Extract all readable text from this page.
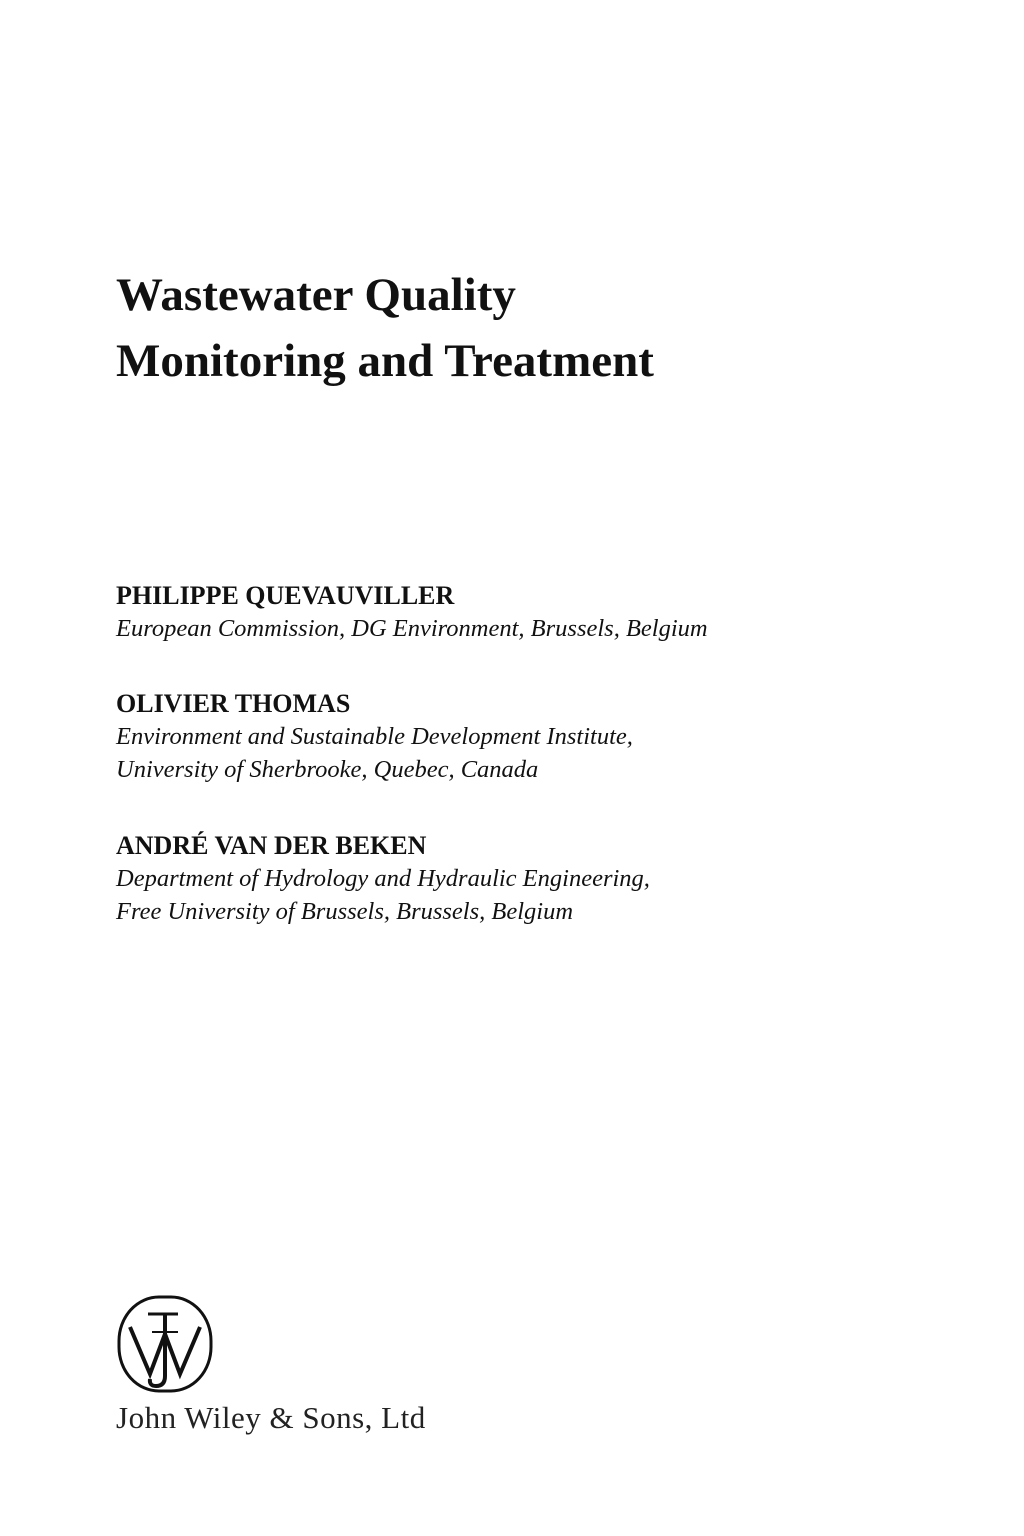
Wastewater Quality
Monitoring and Treatment
PHILIPPE QUEVAUVILLER
European Commission, DG Environment, Brussels, Belgium
OLIVIER THOMAS
Environment and Sustainable Development Institute,
University of Sherbrooke, Quebec, Canada
ANDRÉ VAN DER BEKEN
Department of Hydrology and Hydraulic Engineering,
Free University of Brussels, Brussels, Belgium
John Wiley & Sons, Ltd
